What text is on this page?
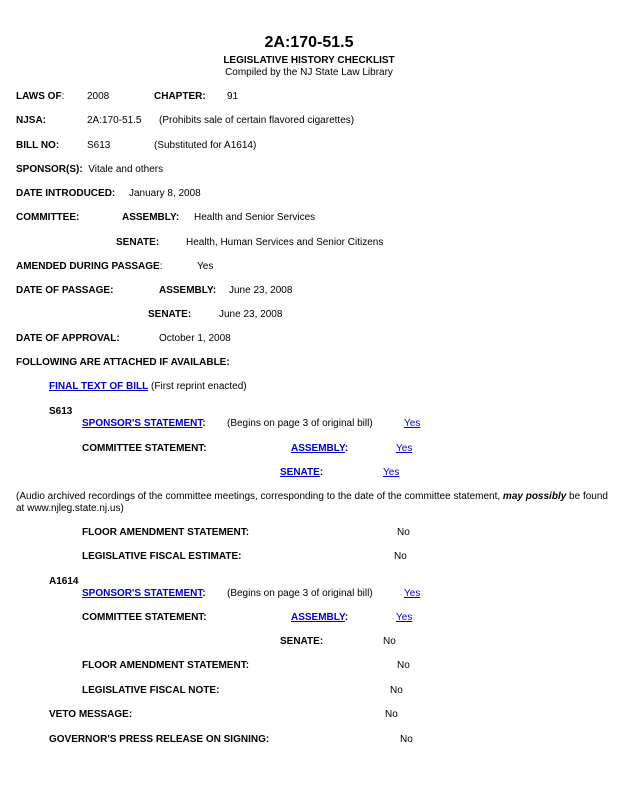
2A:170-51.5
LEGISLATIVE HISTORY CHECKLIST
Compiled by the NJ State Law Library
LAWS OF: 2008	CHAPTER: 91
NJSA:	2A:170-51.5 (Prohibits sale of certain flavored cigarettes)
BILL NO:	S613	(Substituted for A1614)
SPONSOR(S): Vitale and others
DATE INTRODUCED: January 8, 2008
COMMITTEE:	ASSEMBLY: Health and Senior Services
SENATE:	Health, Human Services and Senior Citizens
AMENDED DURING PASSAGE:	Yes
DATE OF PASSAGE:	ASSEMBLY: June 23, 2008
SENATE:	June 23, 2008
DATE OF APPROVAL:	October 1, 2008
FOLLOWING ARE ATTACHED IF AVAILABLE:
FINAL TEXT OF BILL (First reprint enacted)
S613
SPONSOR'S STATEMENT: (Begins on page 3 of original bill)	Yes
COMMITTEE STATEMENT:	ASSEMBLY:	Yes
SENATE:	Yes
(Audio archived recordings of the committee meetings, corresponding to the date of the committee statement, may possibly be found at www.njleg.state.nj.us)
FLOOR AMENDMENT STATEMENT:	No
LEGISLATIVE FISCAL ESTIMATE:	No
A1614
SPONSOR'S STATEMENT: (Begins on page 3 of original bill)	Yes
COMMITTEE STATEMENT:	ASSEMBLY:	Yes
SENATE:	No
FLOOR AMENDMENT STATEMENT:	No
LEGISLATIVE FISCAL NOTE:	No
VETO MESSAGE:	No
GOVERNOR'S PRESS RELEASE ON SIGNING:	No
